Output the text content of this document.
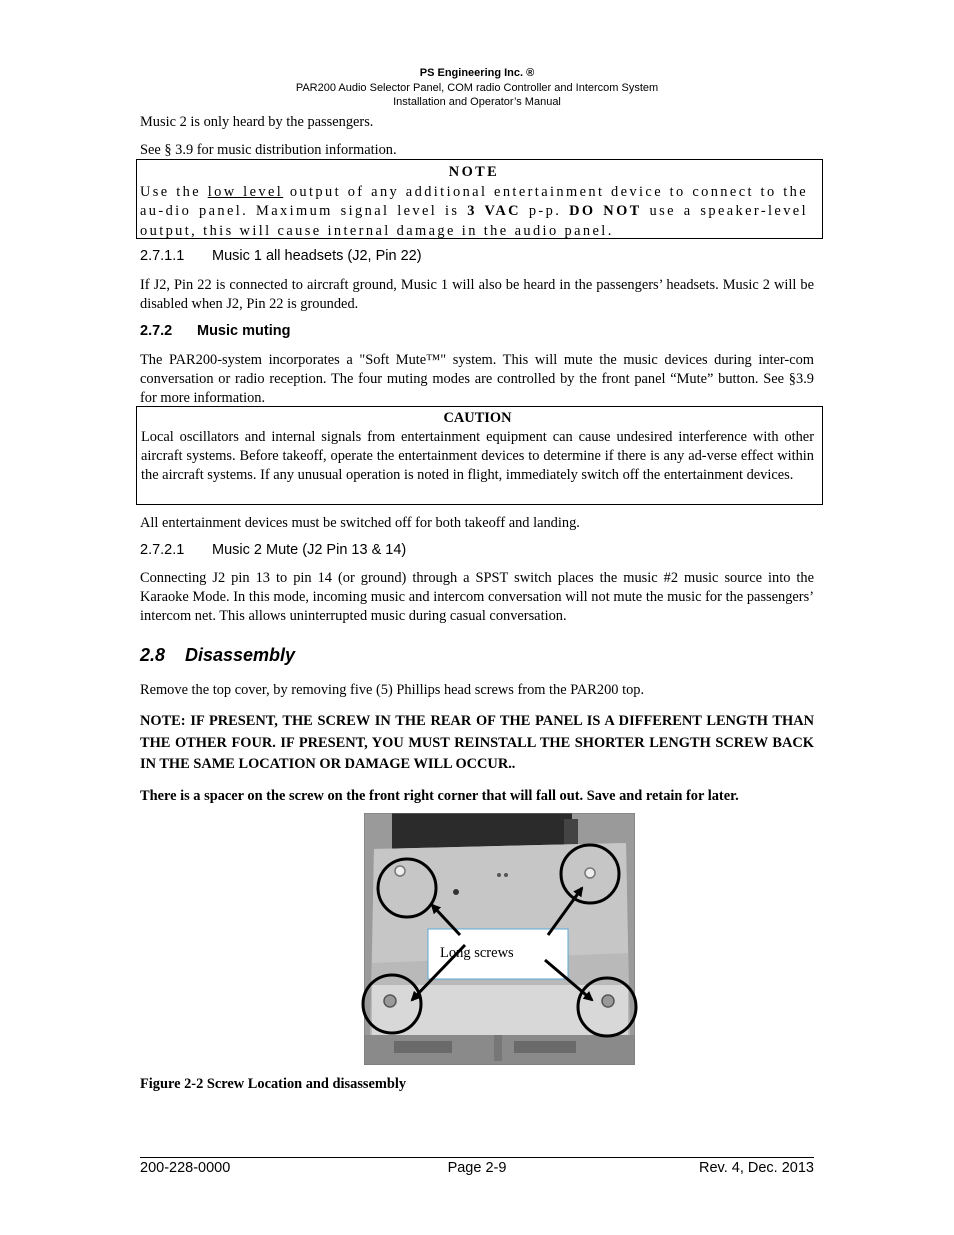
PS Engineering Inc. ®
PAR200 Audio Selector Panel, COM radio Controller and Intercom System
Installation and Operator’s Manual
Music 2 is only heard by the passengers.
See § 3.9 for music distribution information.
NOTE
Use the low level output of any additional entertainment device to connect to the au-dio panel. Maximum signal level is 3 VAC p-p. DO NOT use a speaker-level output, this will cause internal damage in the audio panel.
2.7.1.1 Music 1 all headsets (J2, Pin 22)
If J2, Pin 22 is connected to aircraft ground, Music 1 will also be heard in the passengers’ headsets. Music 2 will be disabled when J2, Pin 22 is grounded.
2.7.2 Music muting
The PAR200-system incorporates a "Soft Mute™" system. This will mute the music devices during inter-com conversation or radio reception. The four muting modes are controlled by the front panel “Mute” button. See §3.9 for more information.
CAUTION
Local oscillators and internal signals from entertainment equipment can cause undesired interference with other aircraft systems. Before takeoff, operate the entertainment devices to determine if there is any ad-verse effect within the aircraft systems. If any unusual operation is noted in flight, immediately switch off the entertainment devices.
All entertainment devices must be switched off for both takeoff and landing.
2.7.2.1 Music 2 Mute (J2 Pin 13 & 14)
Connecting J2 pin 13 to pin 14 (or ground) through a SPST switch places the music #2 music source into the Karaoke Mode. In this mode, incoming music and intercom conversation will not mute the music for the passengers’ intercom net. This allows uninterrupted music during casual conversation.
2.8 Disassembly
Remove the top cover, by removing five (5) Phillips head screws from the PAR200 top.
NOTE: IF PRESENT, THE SCREW IN THE REAR OF THE PANEL IS A DIFFERENT LENGTH THAN THE OTHER FOUR. IF PRESENT, YOU MUST REINSTALL THE SHORTER LENGTH SCREW BACK IN THE SAME LOCATION OR DAMAGE WILL OCCUR..
There is a spacer on the screw on the front right corner that will fall out. Save and retain for later.
Long screws
Figure 2-2 Screw Location and disassembly
200-228-0000	Page 2-9	Rev. 4, Dec. 2013
